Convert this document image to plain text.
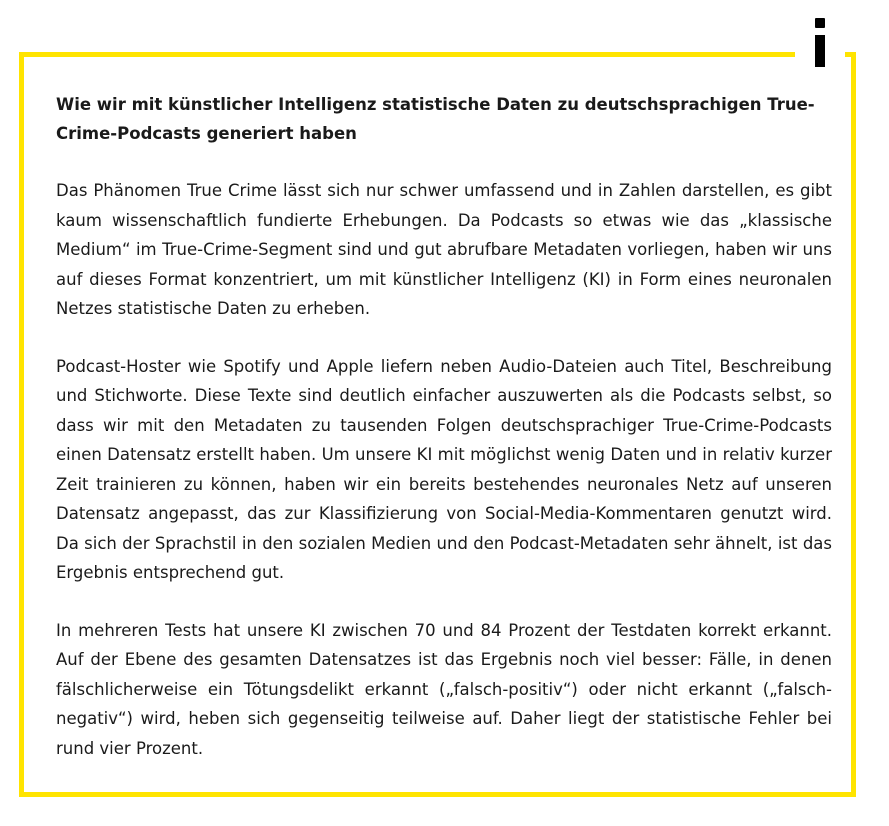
Wie wir mit künstlicher Intelligenz statistische Daten zu deutschsprachigen True-Crime-Podcasts generiert haben

Das Phänomen True Crime lässt sich nur schwer umfassend und in Zahlen darstellen, es gibt kaum wissenschaftlich fundierte Erhebungen. Da Podcasts so etwas wie das „klassische Medium“ im True-Crime-Segment sind und gut abrufbare Metadaten vorliegen, haben wir uns auf dieses Format konzentriert, um mit künstlicher Intelligenz (KI) in Form eines neuronalen Netzes statistische Daten zu erheben.

Podcast-Hoster wie Spotify und Apple liefern neben Audio-Dateien auch Titel, Beschreibung und Stichworte. Diese Texte sind deutlich einfacher auszuwerten als die Podcasts selbst, so dass wir mit den Metadaten zu tausenden Folgen deutschsprachiger True-Crime-Podcasts einen Datensatz erstellt haben. Um unsere KI mit möglichst wenig Daten und in relativ kurzer Zeit trainieren zu können, haben wir ein bereits bestehendes neuronales Netz auf unseren Datensatz angepasst, das zur Klassifizierung von Social-Media-Kommentaren genutzt wird. Da sich der Sprachstil in den sozialen Medien und den Podcast-Metadaten sehr ähnelt, ist das Ergebnis entsprechend gut.

In mehreren Tests hat unsere KI zwischen 70 und 84 Prozent der Testdaten korrekt erkannt. Auf der Ebene des gesamten Datensatzes ist das Ergebnis noch viel besser: Fälle, in denen fälschlicherweise ein Tötungsdelikt erkannt („falsch-positiv“) oder nicht erkannt („falsch-negativ“) wird, heben sich gegenseitig teilweise auf. Daher liegt der statistische Fehler bei rund vier Prozent.
